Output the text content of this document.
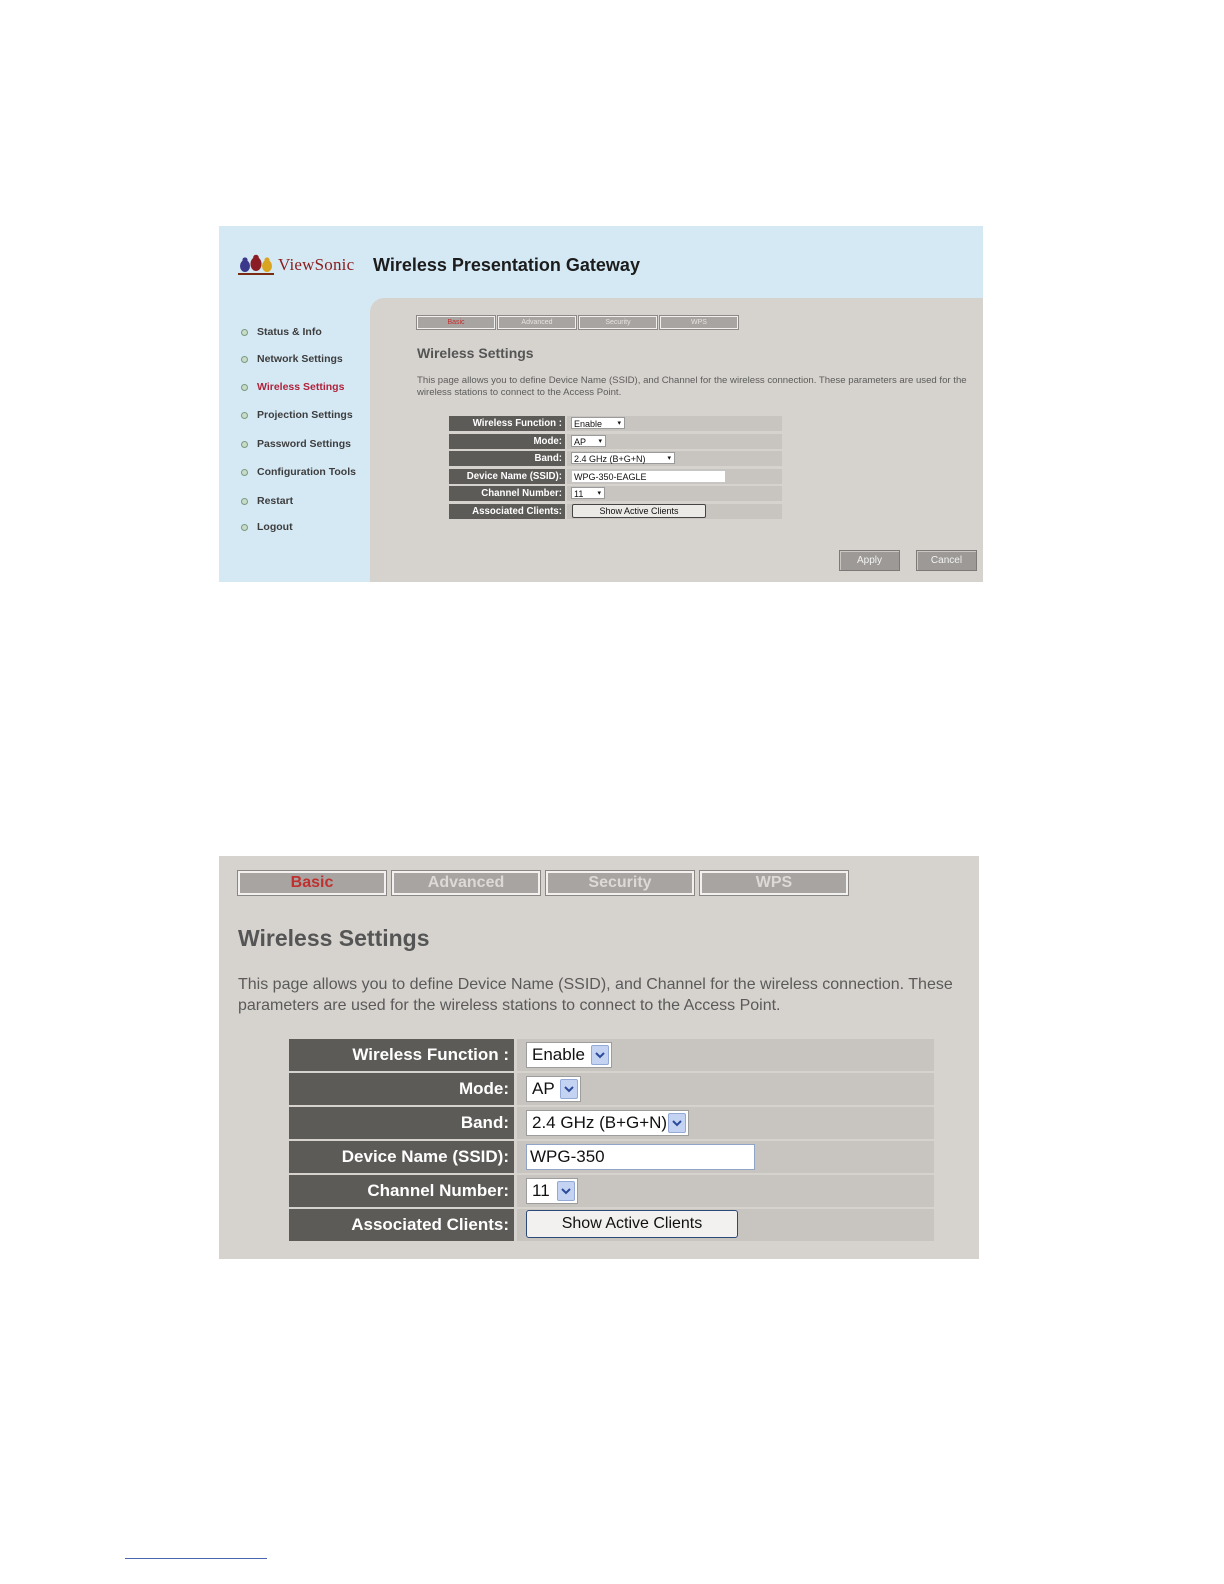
ViewSonic Wireless Presentation Gateway
Status & Info
Network Settings
Wireless Settings
Projection Settings
Password Settings
Configuration Tools
Restart
Logout
Basic	Advanced	Security	WPS
Wireless Settings
This page allows you to define Device Name (SSID), and Channel for the wireless connection. These parameters are used for the wireless stations to connect to the Access Point.
Wireless Function :	Enable ▾
Mode:	AP ▾
Band:	2.4 GHz (B+G+N)	▾
Device Name (SSID):	WPG-350-EAGLE
Channel Number:	11 ▾
Associated Clients:	Show Active Clients
Apply	Cancel
Basic	Advanced	Security	WPS
Wireless Settings
This page allows you to define Device Name (SSID), and Channel for the wireless connection. These
parameters are used for the wireless stations to connect to the Access Point.
Wireless Function :	Enable
Mode:	AP
Band:	2.4 GHz (B+G+N)
Device Name (SSID): WPG-350
Channel Number:	11
Associated Clients:	Show Active Clients
